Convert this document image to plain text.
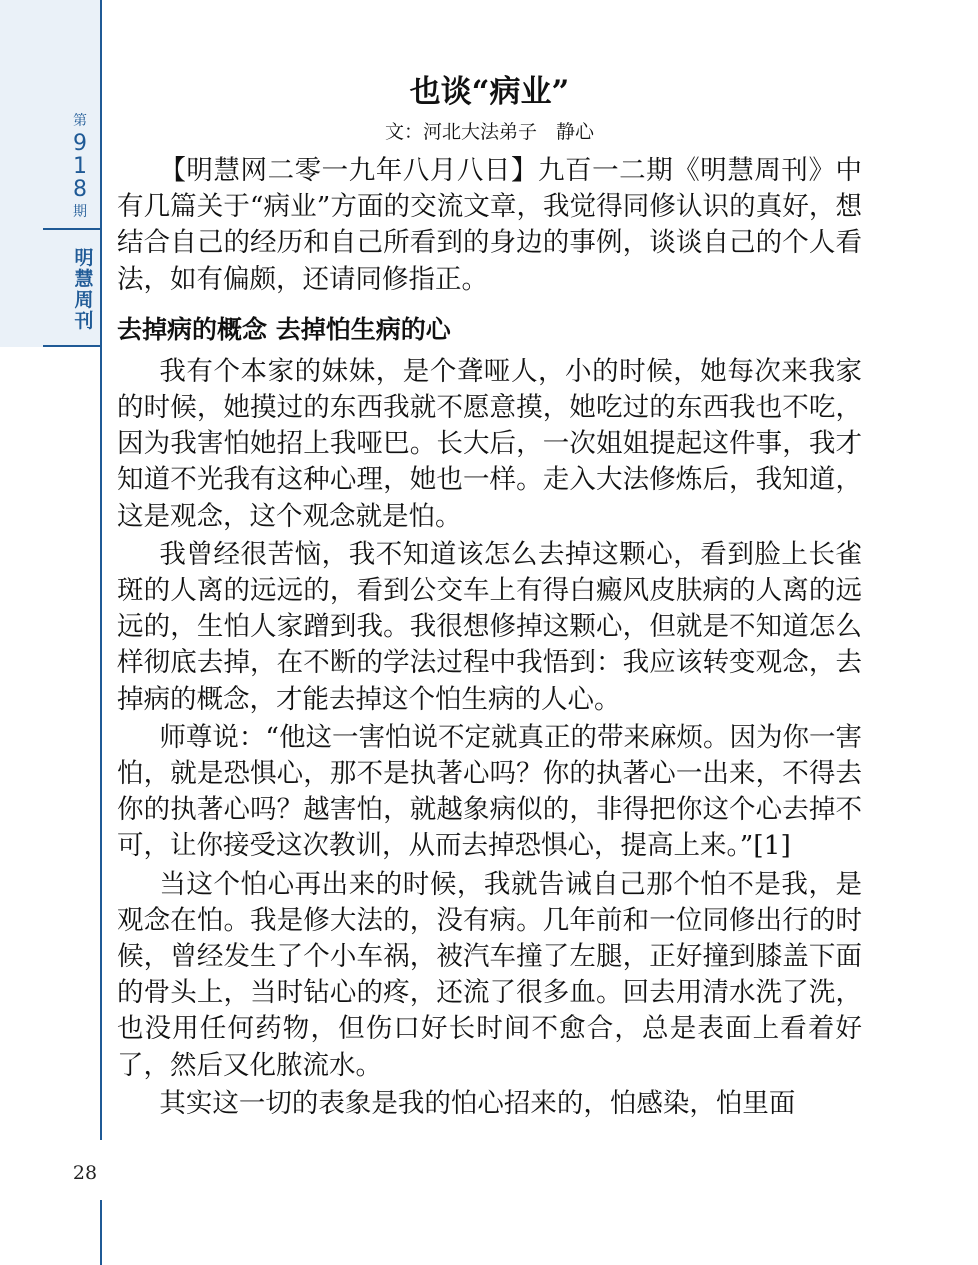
第
9
1
8
期
明
慧
周
刊
28
也谈“病业”
文：河北大法弟子　静心

【明慧网二零一九年八月八日】九百一二期《明慧周刊》中有几篇关于“病业”方面的交流文章，我觉得同修认识的真好，想结合自己的经历和自己所看到的身边的事例，谈谈自己的个人看法，如有偏颇，还请同修指正。

去掉病的概念 去掉怕生病的心

我有个本家的妹妹，是个聋哑人，小的时候，她每次来我家的时候，她摸过的东西我就不愿意摸，她吃过的东西我也不吃，因为我害怕她招上我哑巴。长大后，一次姐姐提起这件事，我才知道不光我有这种心理，她也一样。走入大法修炼后，我知道，这是观念，这个观念就是怕。

我曾经很苦恼，我不知道该怎么去掉这颗心，看到脸上长雀斑的人离的远远的，看到公交车上有得白癜风皮肤病的人离的远远的，生怕人家蹭到我。我很想修掉这颗心，但就是不知道怎么样彻底去掉，在不断的学法过程中我悟到：我应该转变观念，去掉病的概念，才能去掉这个怕生病的人心。

师尊说：“他这一害怕说不定就真正的带来麻烦。因为你一害怕，就是恐惧心，那不是执著心吗？你的执著心一出来，不得去你的执著心吗？越害怕，就越象病似的，非得把你这个心去掉不可，让你接受这次教训，从而去掉恐惧心，提高上来。”[1]

当这个怕心再出来的时候，我就告诫自己那个怕不是我，是观念在怕。我是修大法的，没有病。几年前和一位同修出行的时候，曾经发生了个小车祸，被汽车撞了左腿，正好撞到膝盖下面的骨头上，当时钻心的疼，还流了很多血。回去用清水洗了洗，也没用任何药物，但伤口好长时间不愈合，总是表面上看着好了，然后又化脓流水。

其实这一切的表象是我的怕心招来的，怕感染，怕里面
